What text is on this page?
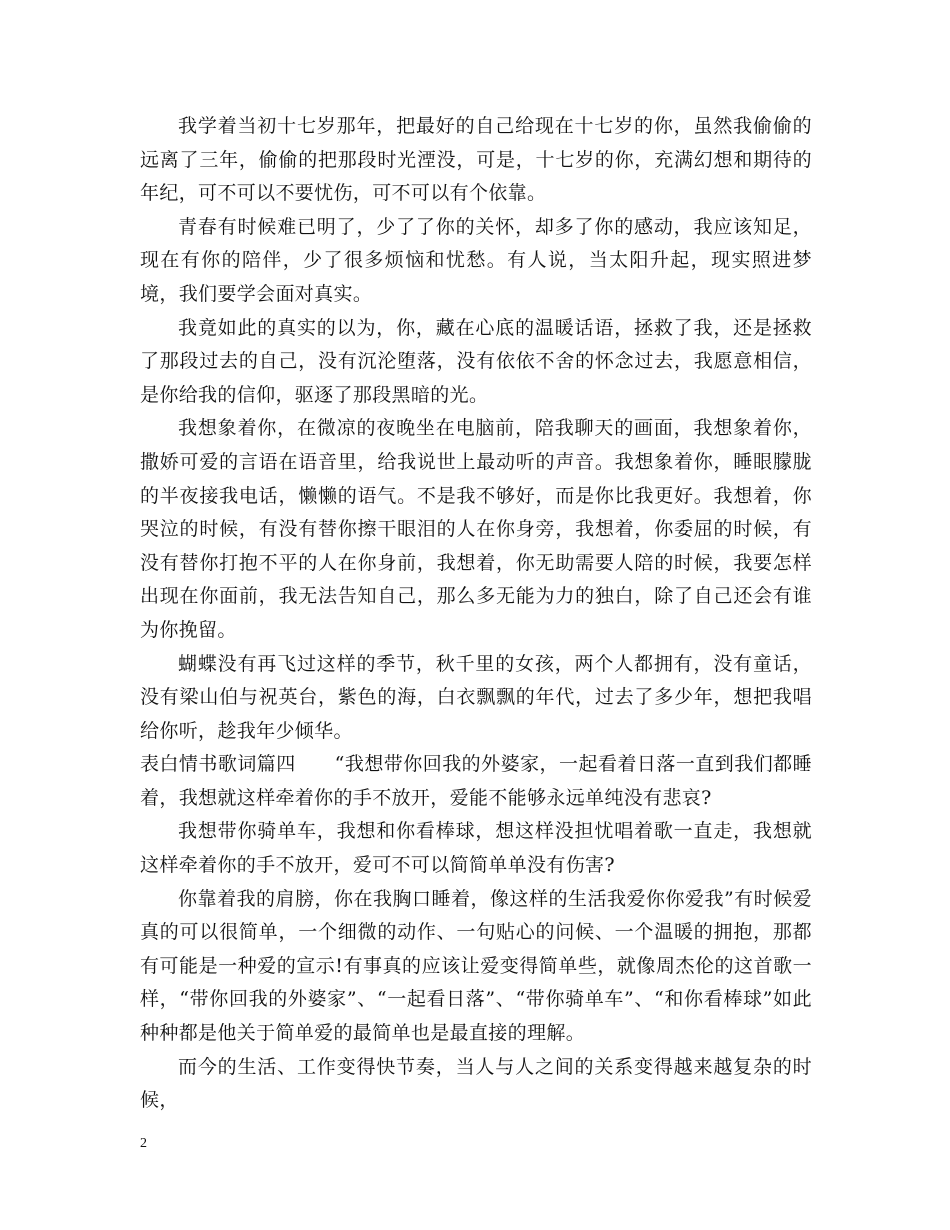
我学着当初十七岁那年，把最好的自己给现在十七岁的你，虽然我偷偷的远离了三年，偷偷的把那段时光湮没，可是，十七岁的你，充满幻想和期待的年纪，可不可以不要忧伤，可不可以有个依靠。

青春有时候难已明了，少了了你的关怀，却多了你的感动，我应该知足，现在有你的陪伴，少了很多烦恼和忧愁。有人说，当太阳升起，现实照进梦境，我们要学会面对真实。

我竟如此的真实的以为，你，藏在心底的温暖话语，拯救了我，还是拯救了那段过去的自己，没有沉沦堕落，没有依依不舍的怀念过去，我愿意相信，是你给我的信仰，驱逐了那段黑暗的光。

我想象着你，在微凉的夜晚坐在电脑前，陪我聊天的画面，我想象着你，撒娇可爱的言语在语音里，给我说世上最动听的声音。我想象着你，睡眼朦胧的半夜接我电话，懒懒的语气。不是我不够好，而是你比我更好。我想着，你哭泣的时候，有没有替你擦干眼泪的人在你身旁，我想着，你委屈的时候，有没有替你打抱不平的人在你身前，我想着，你无助需要人陪的时候，我要怎样出现在你面前，我无法告知自己，那么多无能为力的独白，除了自己还会有谁为你挽留。

蝴蝶没有再飞过这样的季节，秋千里的女孩，两个人都拥有，没有童话，没有梁山伯与祝英台，紫色的海，白衣飘飘的年代，过去了多少年，想把我唱给你听，趁我年少倾华。

表白情书歌词篇四　　“我想带你回我的外婆家，一起看着日落一直到我们都睡着，我想就这样牵着你的手不放开，爱能不能够永远单纯没有悲哀?

我想带你骑单车，我想和你看棒球，想这样没担忧唱着歌一直走，我想就这样牵着你的手不放开，爱可不可以简简单单没有伤害?

你靠着我的肩膀，你在我胸口睡着，像这样的生活我爱你你爱我”有时候爱真的可以很简单，一个细微的动作、一句贴心的问候、一个温暖的拥抱，那都有可能是一种爱的宣示!有事真的应该让爱变得简单些，就像周杰伦的这首歌一样，“带你回我的外婆家”、“一起看日落”、“带你骑单车”、“和你看棒球”如此种种都是他关于简单爱的最简单也是最直接的理解。

而今的生活、工作变得快节奏，当人与人之间的关系变得越来越复杂的时候，

2
